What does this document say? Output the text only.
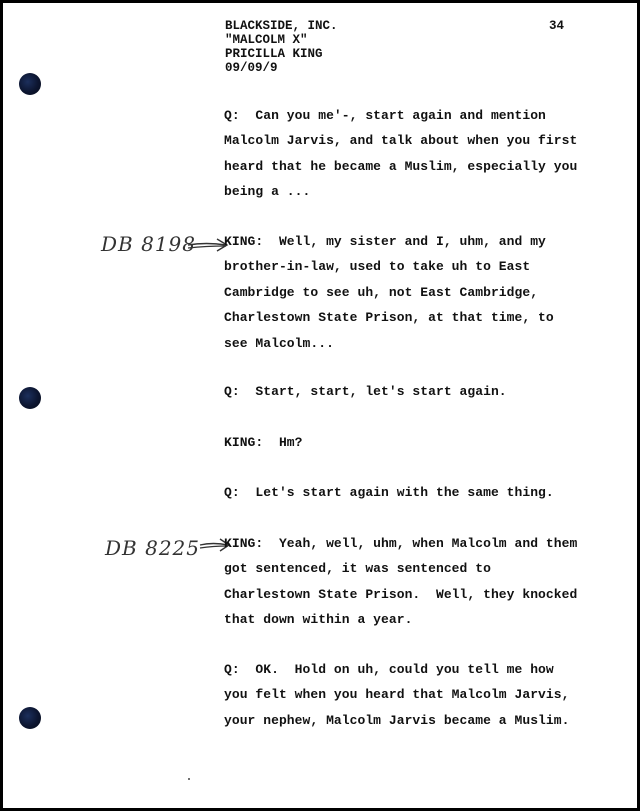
BLACKSIDE, INC.
"MALCOLM X"
PRICILLA KING
09/09/9
34
DB 8198
DB 8225
Q:  Can you me'-, start again and mention
Malcolm Jarvis, and talk about when you first
heard that he became a Muslim, especially you
being a ...
KING:  Well, my sister and I, uhm, and my
brother-in-law, used to take uh to East
Cambridge to see uh, not East Cambridge,
Charlestown State Prison, at that time, to
see Malcolm...
Q:  Start, start, let's start again.
KING:  Hm?
Q:  Let's start again with the same thing.
KING:  Yeah, well, uhm, when Malcolm and them
got sentenced, it was sentenced to
Charlestown State Prison.  Well, they knocked
that down within a year.
Q:  OK.  Hold on uh, could you tell me how
you felt when you heard that Malcolm Jarvis,
your nephew, Malcolm Jarvis became a Muslim.
